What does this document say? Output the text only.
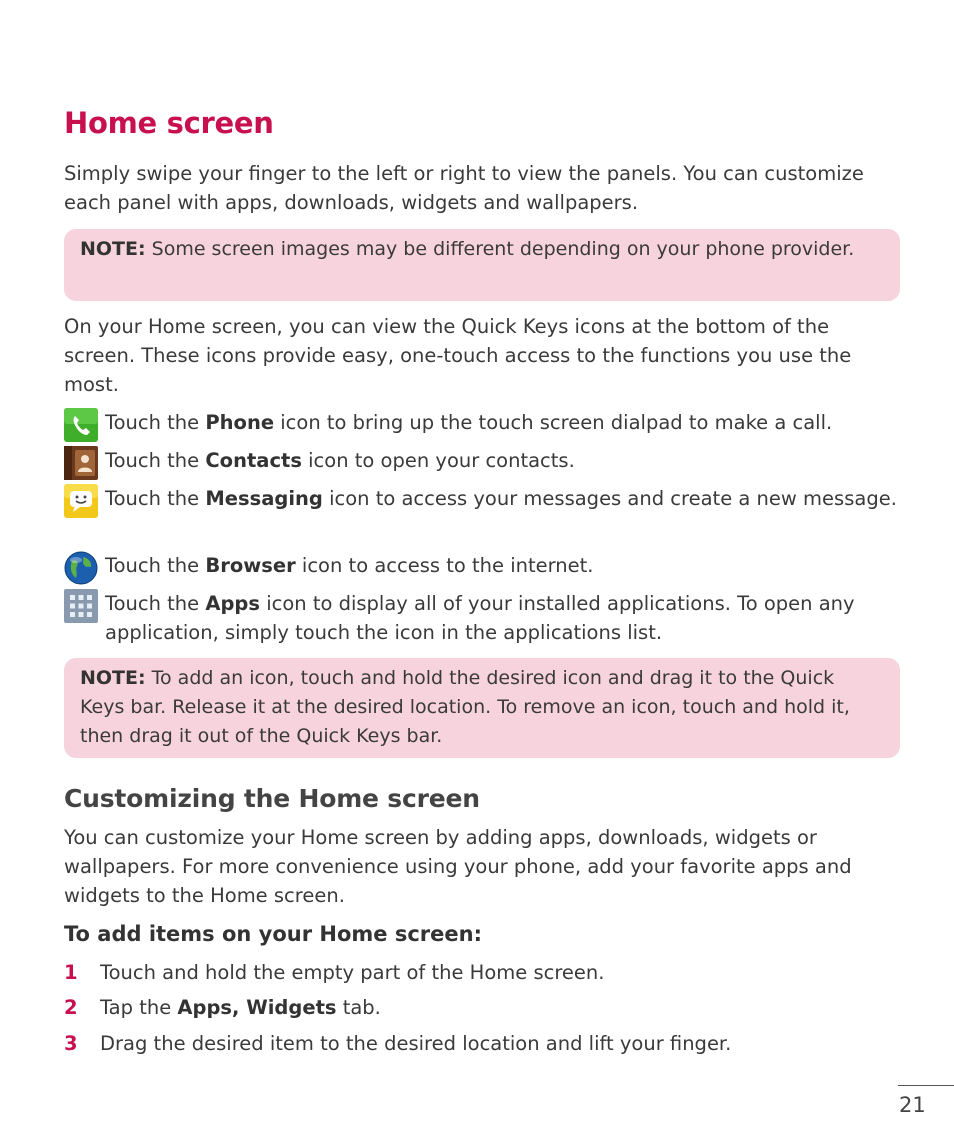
Home screen

Simply swipe your finger to the left or right to view the panels. You can customize each panel with apps, downloads, widgets and wallpapers.

NOTE: Some screen images may be different depending on your phone provider.

On your Home screen, you can view the Quick Keys icons at the bottom of the screen. These icons provide easy, one-touch access to the functions you use the most.

Touch the Phone icon to bring up the touch screen dialpad to make a call.
Touch the Contacts icon to open your contacts.
Touch the Messaging icon to access your messages and create a new message.
Touch the Browser icon to access to the internet.
Touch the Apps icon to display all of your installed applications. To open any application, simply touch the icon in the applications list.
NOTE: To add an icon, touch and hold the desired icon and drag it to the Quick Keys bar. Release it at the desired location. To remove an icon, touch and hold it, then drag it out of the Quick Keys bar.
Customizing the Home screen

You can customize your Home screen by adding apps, downloads, widgets or wallpapers. For more convenience using your phone, add your favorite apps and widgets to the Home screen.

To add items on your Home screen:
1 Touch and hold the empty part of the Home screen.
2 Tap the Apps, Widgets tab.
3 Drag the desired item to the desired location and lift your finger.
21
